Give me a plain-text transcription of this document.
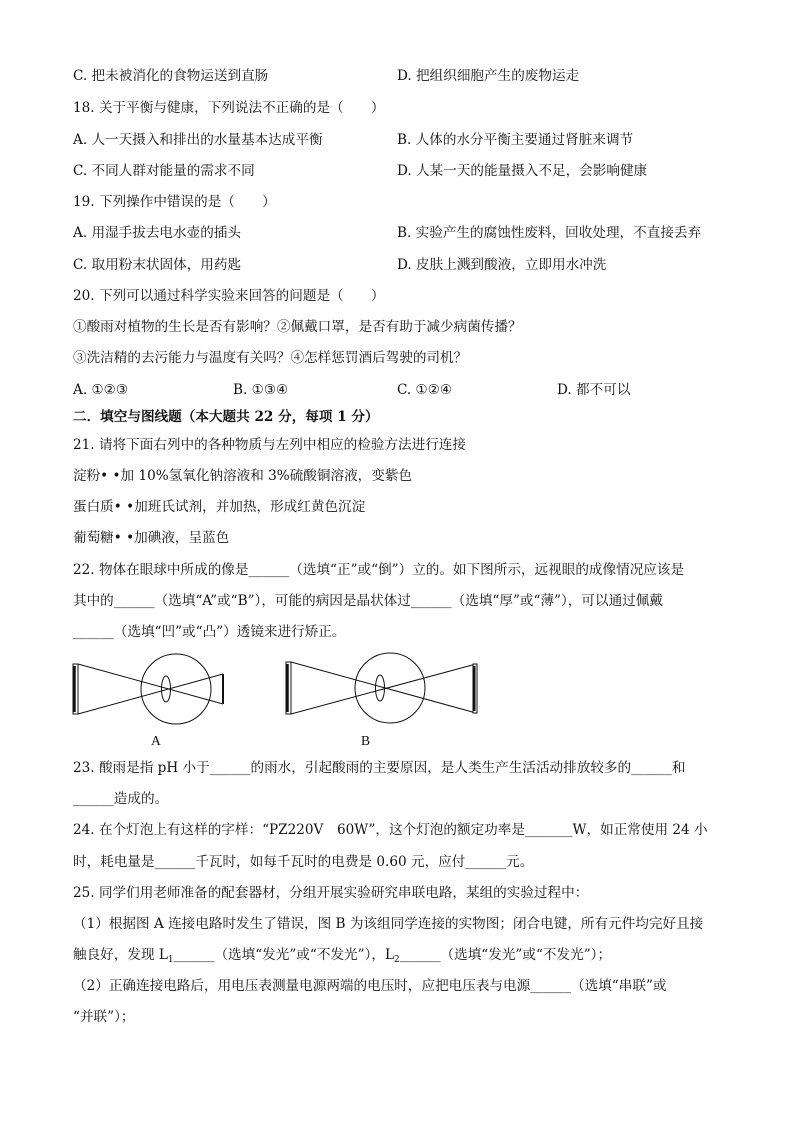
C. 把未被消化的食物运送到直肠	D. 把组织细胞产生的废物运走
18. 关于平衡与健康，下列说法不正确的是（　　）
A. 人一天摄入和排出的水量基本达成平衡	B. 人体的水分平衡主要通过肾脏来调节
C. 不同人群对能量的需求不同	D. 人某一天的能量摄入不足，会影响健康
19. 下列操作中错误的是（　　）
A. 用湿手拔去电水壶的插头	B. 实验产生的腐蚀性废料，回收处理，不直接丢弃
C. 取用粉末状固体，用药匙	D. 皮肤上溅到酸液，立即用水冲洗
20. 下列可以通过科学实验来回答的问题是（　　）
①酸雨对植物的生长是否有影响？②佩戴口罩，是否有助于减少病菌传播？
③洗洁精的去污能力与温度有关吗？④怎样惩罚酒后驾驶的司机？
A. ①②③	B. ①③④	C. ①②④	D. 都不可以
二．填空与图线题（本大题共 22 分，每项 1 分）
21. 请将下面右列中的各种物质与左列中相应的检验方法进行连接
淀粉• •加 10%氢氧化钠溶液和 3%硫酸铜溶液，变紫色
蛋白质• •加班氏试剂，并加热，形成红黄色沉淀
葡萄糖• •加碘液，呈蓝色
22. 物体在眼球中所成的像是______（选填“正”或“倒”）立的。如下图所示，远视眼的成像情况应该是
其中的______（选填“A”或“B”），可能的病因是晶状体过______（选填“厚”或“薄”），可以通过佩戴
______（选填“凹”或“凸”）透镜来进行矫正。
A	B
23. 酸雨是指 pH 小于______的雨水，引起酸雨的主要原因，是人类生产生活活动排放较多的______和
______造成的。
24. 在个灯泡上有这样的字样：“PZ220V　60W”，这个灯泡的额定功率是_______W，如正常使用 24 小
时，耗电量是______千瓦时，如每千瓦时的电费是 0.60 元，应付______元。
25. 同学们用老师准备的配套器材，分组开展实验研究串联电路，某组的实验过程中：
（1）根据图 A 连接电路时发生了错误，图 B 为该组同学连接的实物图；闭合电键，所有元件均完好且接
触良好，发现 $L_1\_\_\_\_\_\_$（选填“发光”或“不发光”），$L_2\_\_\_\_\_\_$（选填“发光”或“不发光”）；
（2）正确连接电路后，用电压表测量电源两端的电压时，应把电压表与电源______（选填“串联”或
“并联”）；
